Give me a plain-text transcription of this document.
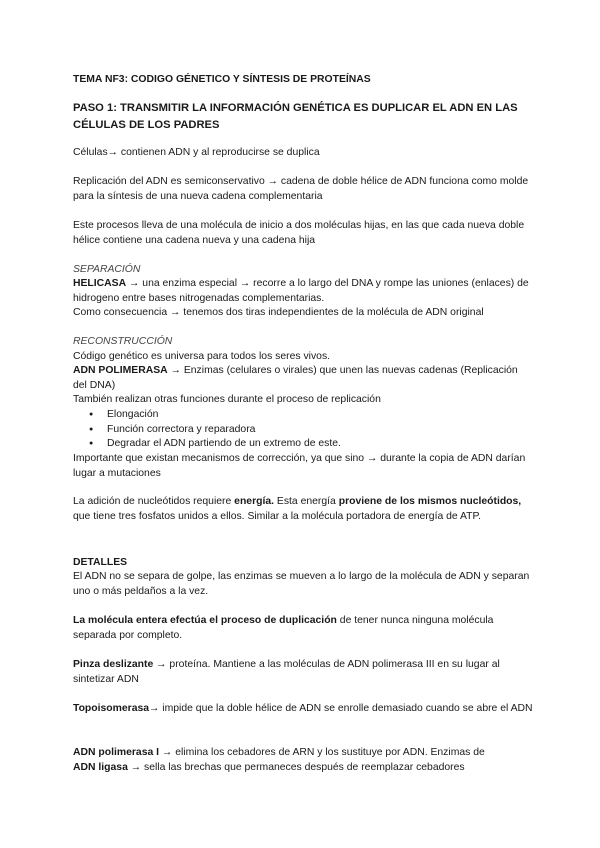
TEMA NF3: CODIGO GÉNETICO Y SÍNTESIS DE PROTEÍNAS

PASO 1: TRANSMITIR LA INFORMACIÓN GENÉTICA ES DUPLICAR EL ADN EN LAS CÉLULAS DE LOS PADRES

Células→ contienen ADN y al reproducirse se duplica

Replicación del ADN es semiconservativo → cadena de doble hélice de ADN funciona como molde para la síntesis de una nueva cadena complementaria

Este procesos lleva de una molécula de inicio a dos moléculas hijas, en las que cada nueva doble hélice contiene una cadena nueva y una cadena hija

SEPARACIÓN

HELICASA → una enzima especial → recorre a lo largo del DNA y rompe las uniones (enlaces) de hidrogeno entre bases nitrogenadas complementarias.

Como consecuencia → tenemos dos tiras independientes de la molécula de ADN original

RECONSTRUCCIÓN

Código genético es universa para todos los seres vivos.

ADN POLIMERASA → Enzimas (celulares o virales) que unen las nuevas cadenas (Replicación del DNA)

También realizan otras funciones durante el proceso de replicación

● Elongación
● Función correctora y reparadora
● Degradar el ADN partiendo de un extremo de este.

Importante que existan mecanismos de corrección, ya que sino → durante la copia de ADN darían lugar a mutaciones

La adición de nucleótidos requiere energía. Esta energía proviene de los mismos nucleótidos, que tiene tres fosfatos unidos a ellos. Similar a la molécula portadora de energía de ATP.

DETALLES

El ADN no se separa de golpe, las enzimas se mueven a lo largo de la molécula de ADN y separan uno o más peldaños a la vez.

La molécula entera efectúa el proceso de duplicación de tener nunca ninguna molécula separada por completo.

Pinza deslizante → proteína. Mantiene a las moléculas de ADN polimerasa III en su lugar al sintetizar ADN

Topoisomerasa→ impide que la doble hélice de ADN se enrolle demasiado cuando se abre el ADN

ADN polimerasa I → elimina los cebadores de ARN y los sustituye por ADN. Enzimas de

ADN ligasa → sella las brechas que permaneces después de reemplazar cebadores
